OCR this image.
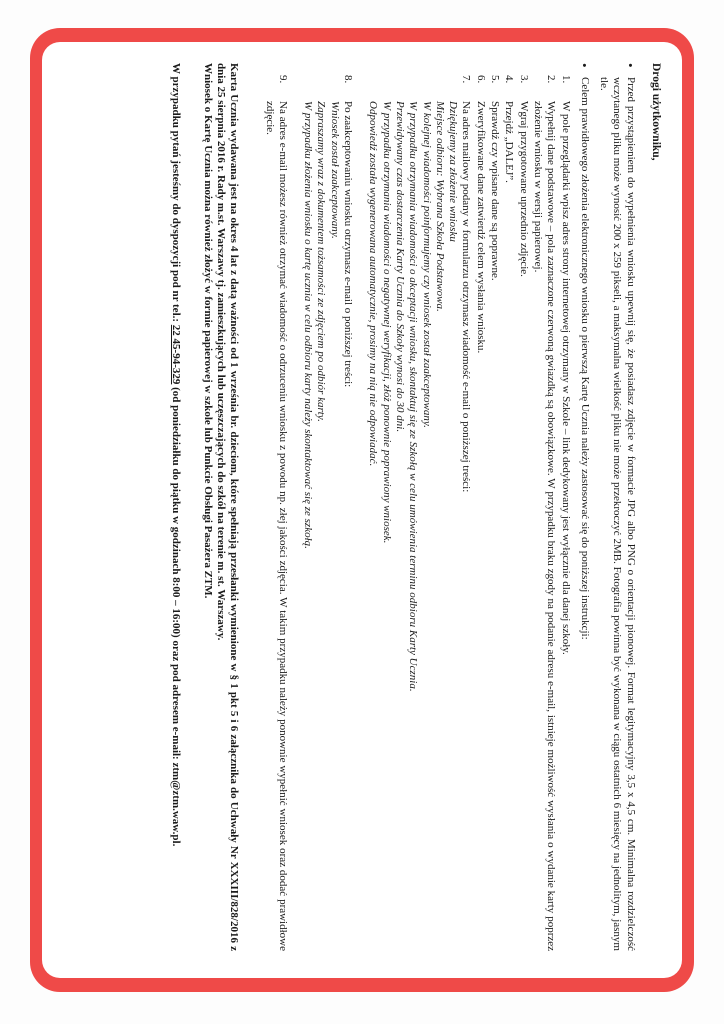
Drogi użytkowniku,
•
Przed przystąpieniem do wypełnienia wniosku upewnij się, że posiadasz zdjęcie w formacie JPG albo PNG o orientacji pionowej. Format legitymacyjny 3,5 x 4,5 cm. Minimalna rozdzielczość wczytanego pliku może wynosić 200 x 259 pikseli, a maksymalna wielkość pliku nie może przekroczyć 2MB. Fotografia powinna być wykonana w ciągu ostatnich 6 miesięcy na jednolitym, jasnym tle.
•
Celem prawidłowego złożenia elektronicznego wniosku o pierwszą Kartę Ucznia należy zastosować się do poniższej instrukcji:
1.
W pole przeglądarki wpisz adres strony internetowej otrzymany w Szkole – link dedykowany jest wyłącznie dla danej szkoły.
2.
Wypełnij dane podstawowe – pola zaznaczone czerwoną gwiazdką są obowiązkowe. W przypadku braku zgody na podanie adresu e-mail, istnieje możliwość wysłania o wydanie karty poprzez złożenie wniosku w wersji papierowej.
3.
Wgraj przygotowane uprzednio zdjęcie.
4.
Przejdź „DALEJ”.
5.
Sprawdź czy wpisane dane są poprawne.
6.
Zweryfikowane dane zatwierdź celem wysłania wniosku.
7.
Na adres mailowy podany w formularzu otrzymasz wiadomość e-mail o poniższej treści:
Dziękujemy za złożenie wniosku
Miejsce odbioru: Wybrana Szkoła Podstawowa.
W kolejnej wiadomości poinformujemy czy wniosek został zaakceptowany.
W przypadku otrzymania wiadomości o akceptacji wniosku, skontaktuj się ze Szkołą w celu umówienia terminu odbioru Karty Ucznia.
Przewidywany czas dostarczenia Karty Ucznia do Szkoły wynosi do 30 dni.
W przypadku otrzymania wiadomości o negatywnej weryfikacji, złóż ponownie poprawiony wniosek.
Odpowiedź została wygenerowana automatycznie, prosimy na nią nie odpowiadać.
8.
Po zaakceptowaniu wniosku otrzymasz e-mail o poniższej treści:
Wniosek został zaakceptowany.
Zapraszamy wraz z dokumentem tożsamości ze zdjęciem po odbiór karty.
W przypadku złożenia wniosku o kartę ucznia w celu odbioru karty należy skontaktować się ze szkołą.
9.
Na adres e-mail możesz również otrzymać wiadomość o odrzuceniu wniosku z powodu np. złej jakości zdjęcia. W takim przypadku należy ponownie wypełnić wniosek oraz dodać prawidłowe zdjęcie.

Karta Ucznia wydawana jest na okres 4 lat z datą ważności od 1 września br. dzieciom, które spełniają przesłanki wymienione w § 1 pkt 5 i 6 załącznika do Uchwały Nr XXXIII/828/2016 z dnia 25 sierpnia 2016 r. Rady m.st. Warszawy tj. zamieszkujących lub uczęszczających do szkół na terenie m. st. Warszawy.
Wniosek o Kartę Ucznia można również złożyć w formie papierowej w szkole lub Punkcie Obsługi Pasażera ZTM.

W przypadku pytań jesteśmy do dyspozycji pod nr tel.: 22 45-94-329 (od poniedziałku do piątku w godzinach 8:00 – 16:00) oraz pod adresem e-mail: ztm@ztm.waw.pl.
